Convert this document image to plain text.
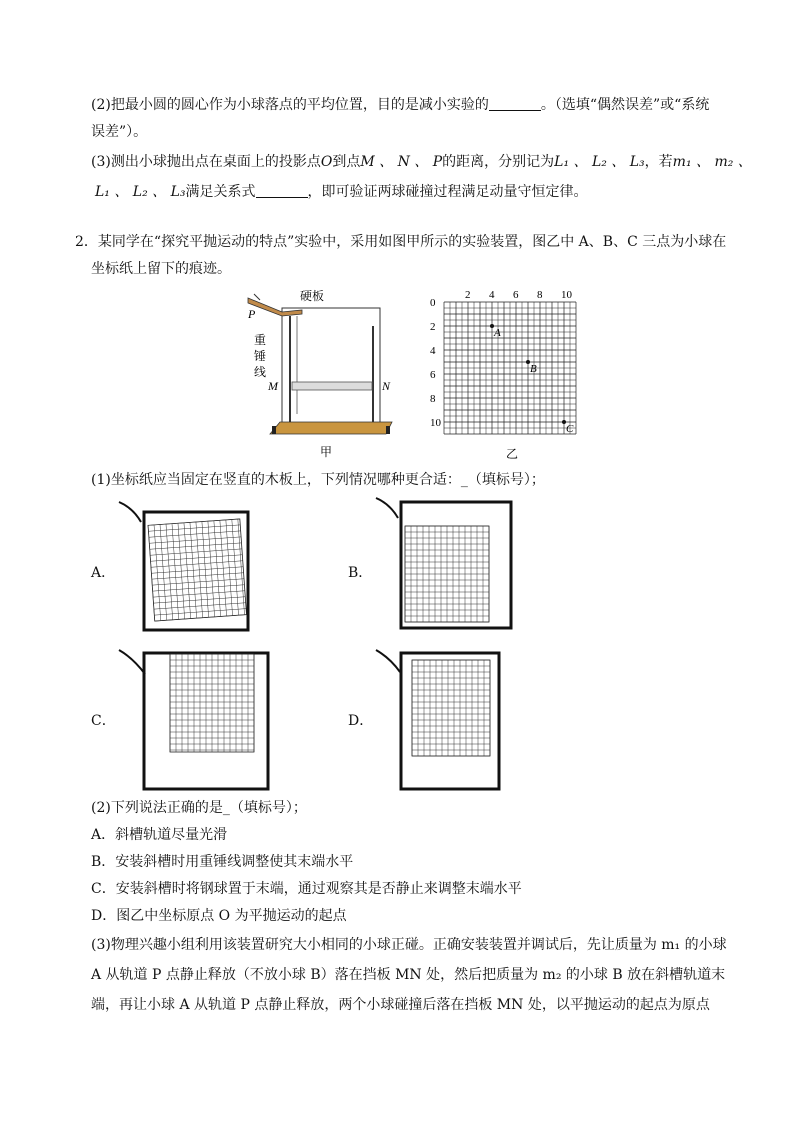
(2)把最小圆的圆心作为小球落点的平均位置，目的是减小实验的	。（选填“偶然误差”或“系统
误差”）。
(3)测出小球抛出点在桌面上的投影点O到点M 、 N 、 P的距离，分别记为L₁ 、 L₂ 、 L₃，若m₁ 、 m₂ 、
L₁ 、 L₂ 、 L₃满足关系式	，即可验证两球碰撞过程满足动量守恒定律。
2．某同学在“探究平抛运动的特点”实验中，采用如图甲所示的实验装置，图乙中 A、B、C 三点为小球在
坐标纸上留下的痕迹。
硬板
P
重
锤
线
M	N
甲
2 4 6 8 10
0
2
4
6
8
10
A
B
C
乙
(1)坐标纸应当固定在竖直的木板上，下列情况哪种更合适：_（填标号）；
A．	B．
C．	D．
(2)下列说法正确的是_（填标号）；
A．斜槽轨道尽量光滑
B．安装斜槽时用重锤线调整使其末端水平
C．安装斜槽时将钢球置于末端，通过观察其是否静止来调整末端水平
D．图乙中坐标原点 O 为平抛运动的起点
(3)物理兴趣小组利用该装置研究大小相同的小球正碰。正确安装装置并调试后，先让质量为 m₁ 的小球
A 从轨道 P 点静止释放（不放小球 B）落在挡板 MN 处，然后把质量为 m₂ 的小球 B 放在斜槽轨道末
端，再让小球 A 从轨道 P 点静止释放，两个小球碰撞后落在挡板 MN 处，以平抛运动的起点为原点
